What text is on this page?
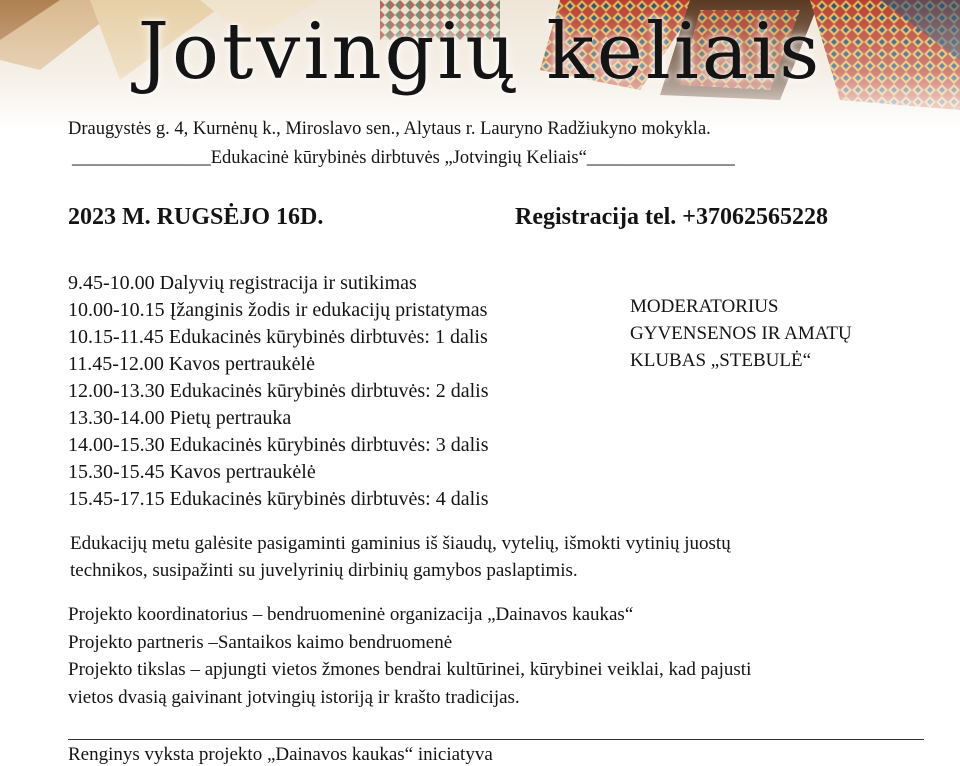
Jotvingių keliais
Draugystės g. 4, Kurnėnų k., Miroslavo sen., Alytaus r. Lauryno Radžiukyno mokykla.
_______________Edukacinė kūrybinės dirbtuvės „Jotvingių Keliais“________________
2023 M. RUGSĖJO 16D.	Registracija tel. +37062565228
9.45-10.00 Dalyvių registracija ir sutikimas
10.00-10.15 Įžanginis žodis ir edukacijų pristatymas
10.15-11.45 Edukacinės kūrybinės dirbtuvės: 1 dalis
11.45-12.00 Kavos pertraukėlė
12.00-13.30 Edukacinės kūrybinės dirbtuvės: 2 dalis
13.30-14.00 Pietų pertrauka
14.00-15.30 Edukacinės kūrybinės dirbtuvės: 3 dalis
15.30-15.45 Kavos pertraukėlė
15.45-17.15 Edukacinės kūrybinės dirbtuvės: 4 dalis
MODERATORIUS
GYVENSENOS IR AMATŲ
KLUBAS „STEBULĖ“
Edukacijų metu galėsite pasigaminti gaminius iš šiaudų, vytelių, išmokti vytinių juostų
technikos, susipažinti su juvelyrinių dirbinių gamybos paslaptimis.
Projekto koordinatorius – bendruomeninė organizacija „Dainavos kaukas“
Projekto partneris –Santaikos kaimo bendruomenė
Projekto tikslas – apjungti vietos žmones bendrai kultūrinei, kūrybinei veiklai, kad pajusti
vietos dvasią gaivinant jotvingių istoriją ir krašto tradicijas.
Renginys vyksta projekto „Dainavos kaukas“ iniciatyva
